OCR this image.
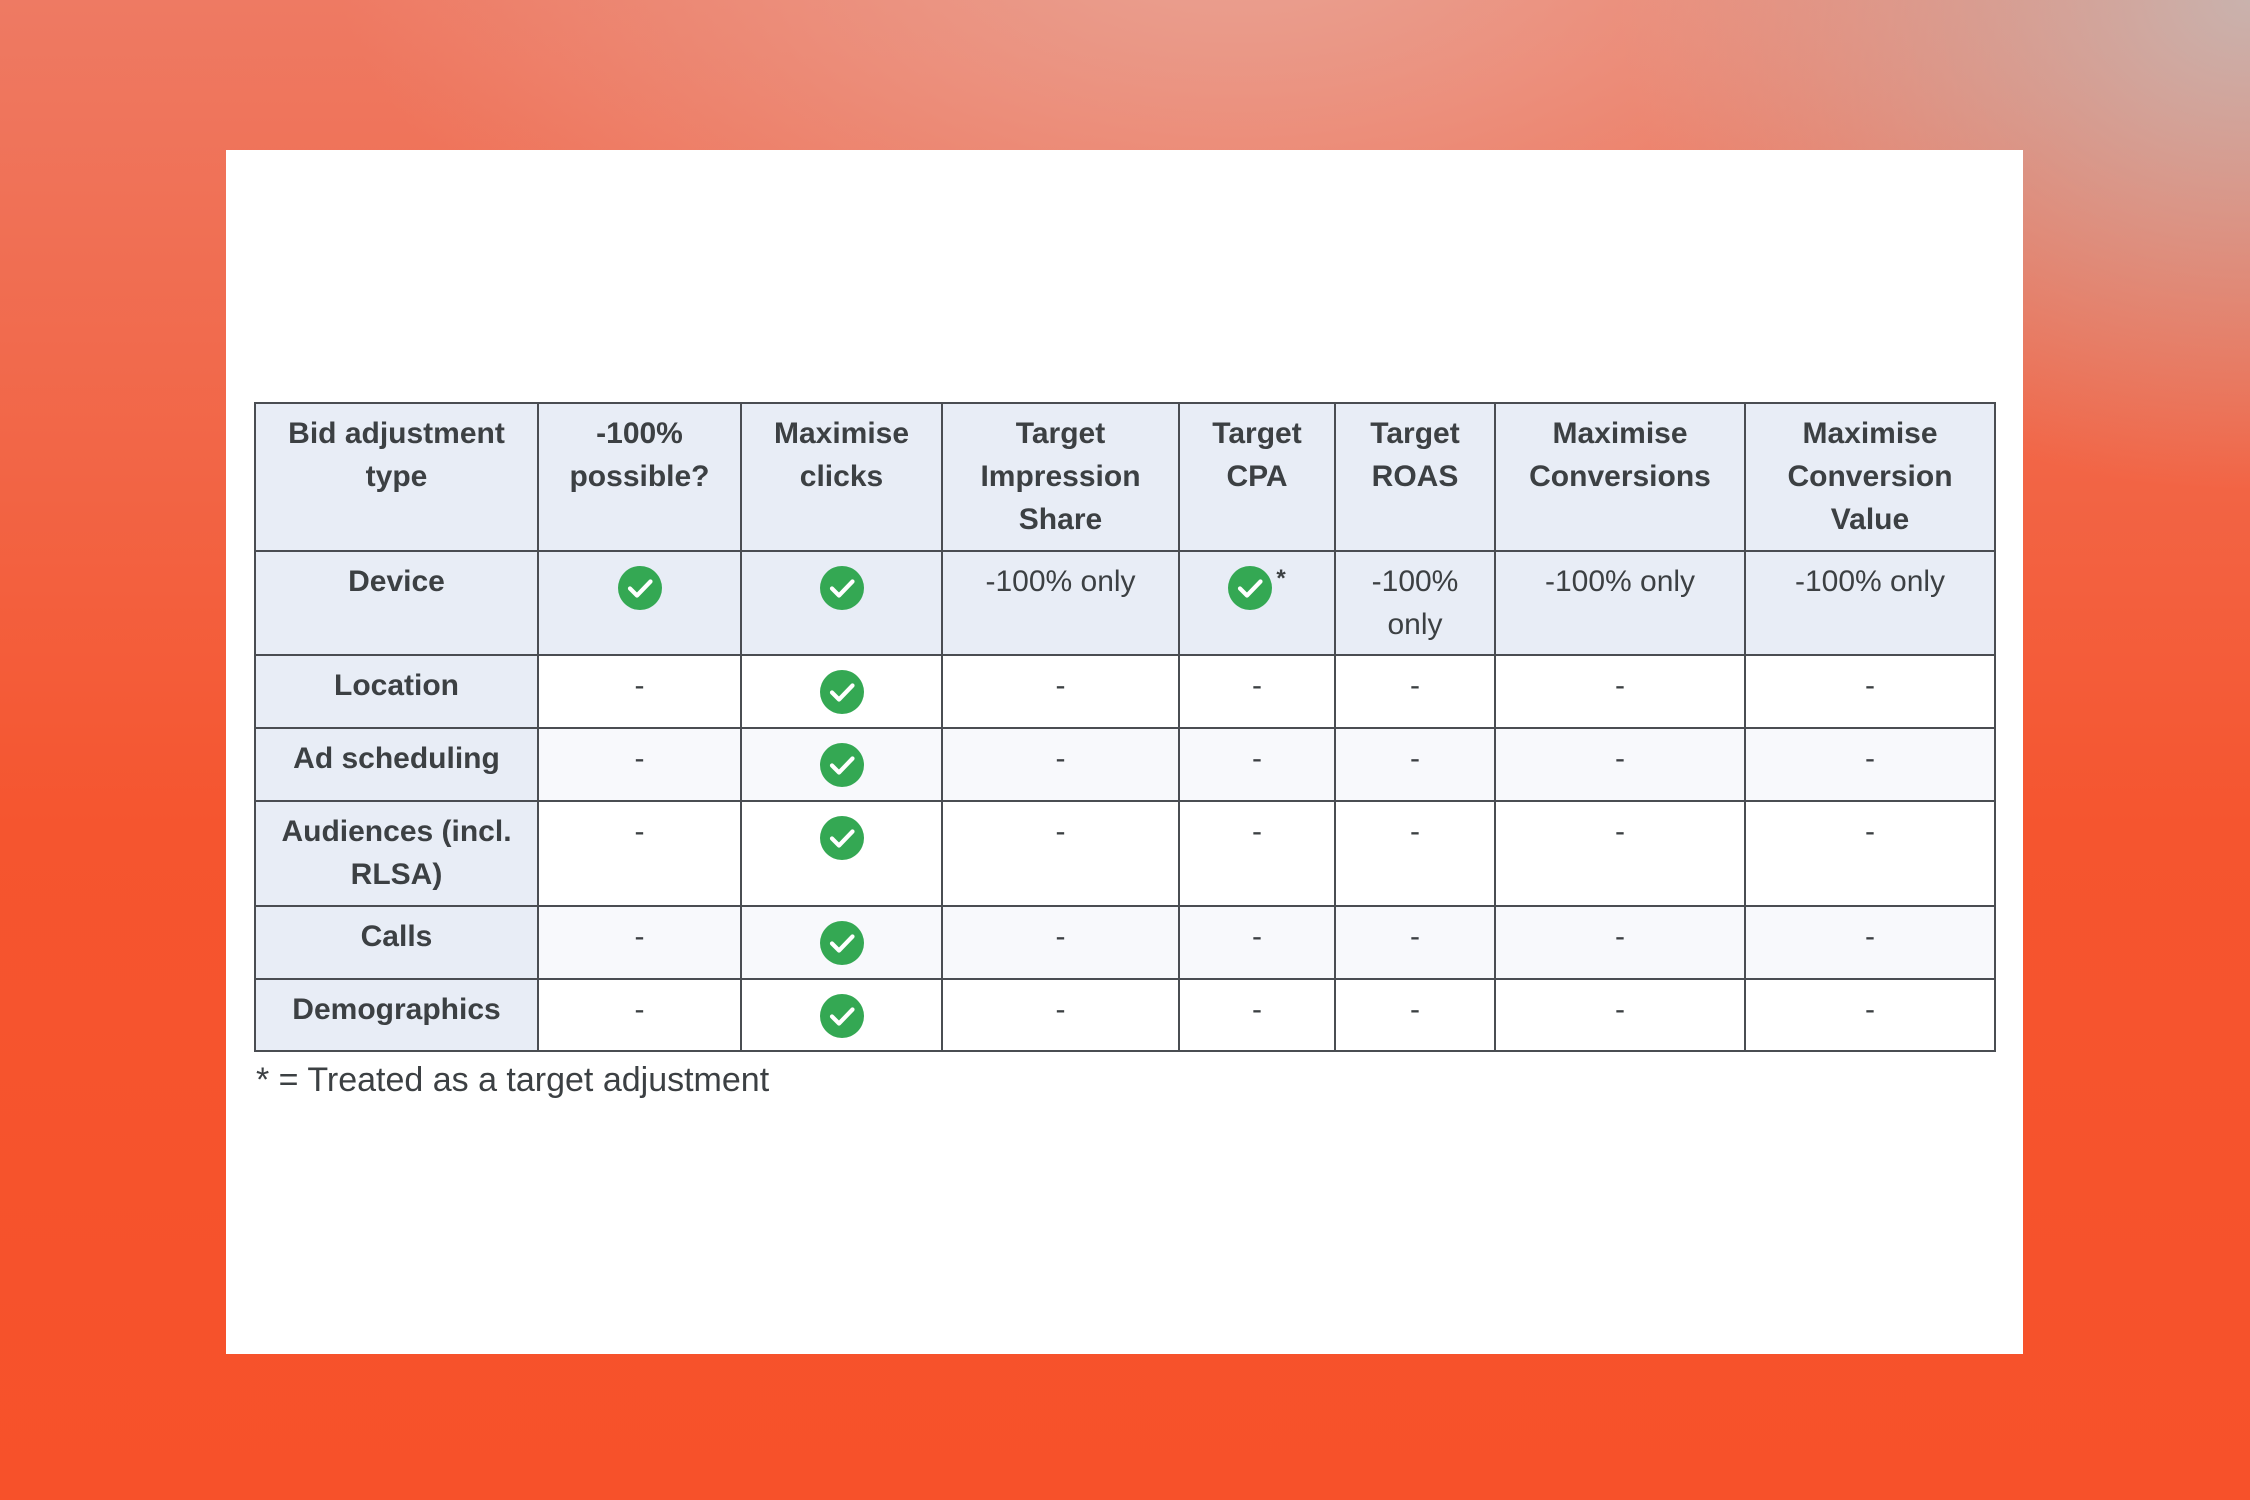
Bid adjustment type	-100% possible?	Maximise clicks	Target Impression Share	Target CPA	Target ROAS	Maximise Conversions	Maximise Conversion Value
Device			-100% only	*	-100% only	-100% only	-100% only
Location	-		-	-	-	-	-
Ad scheduling	-		-	-	-	-	-
Audiences (incl. RLSA)	-		-	-	-	-	-
Calls	-		-	-	-	-	-
Demographics	-		-	-	-	-	-
* = Treated as a target adjustment
